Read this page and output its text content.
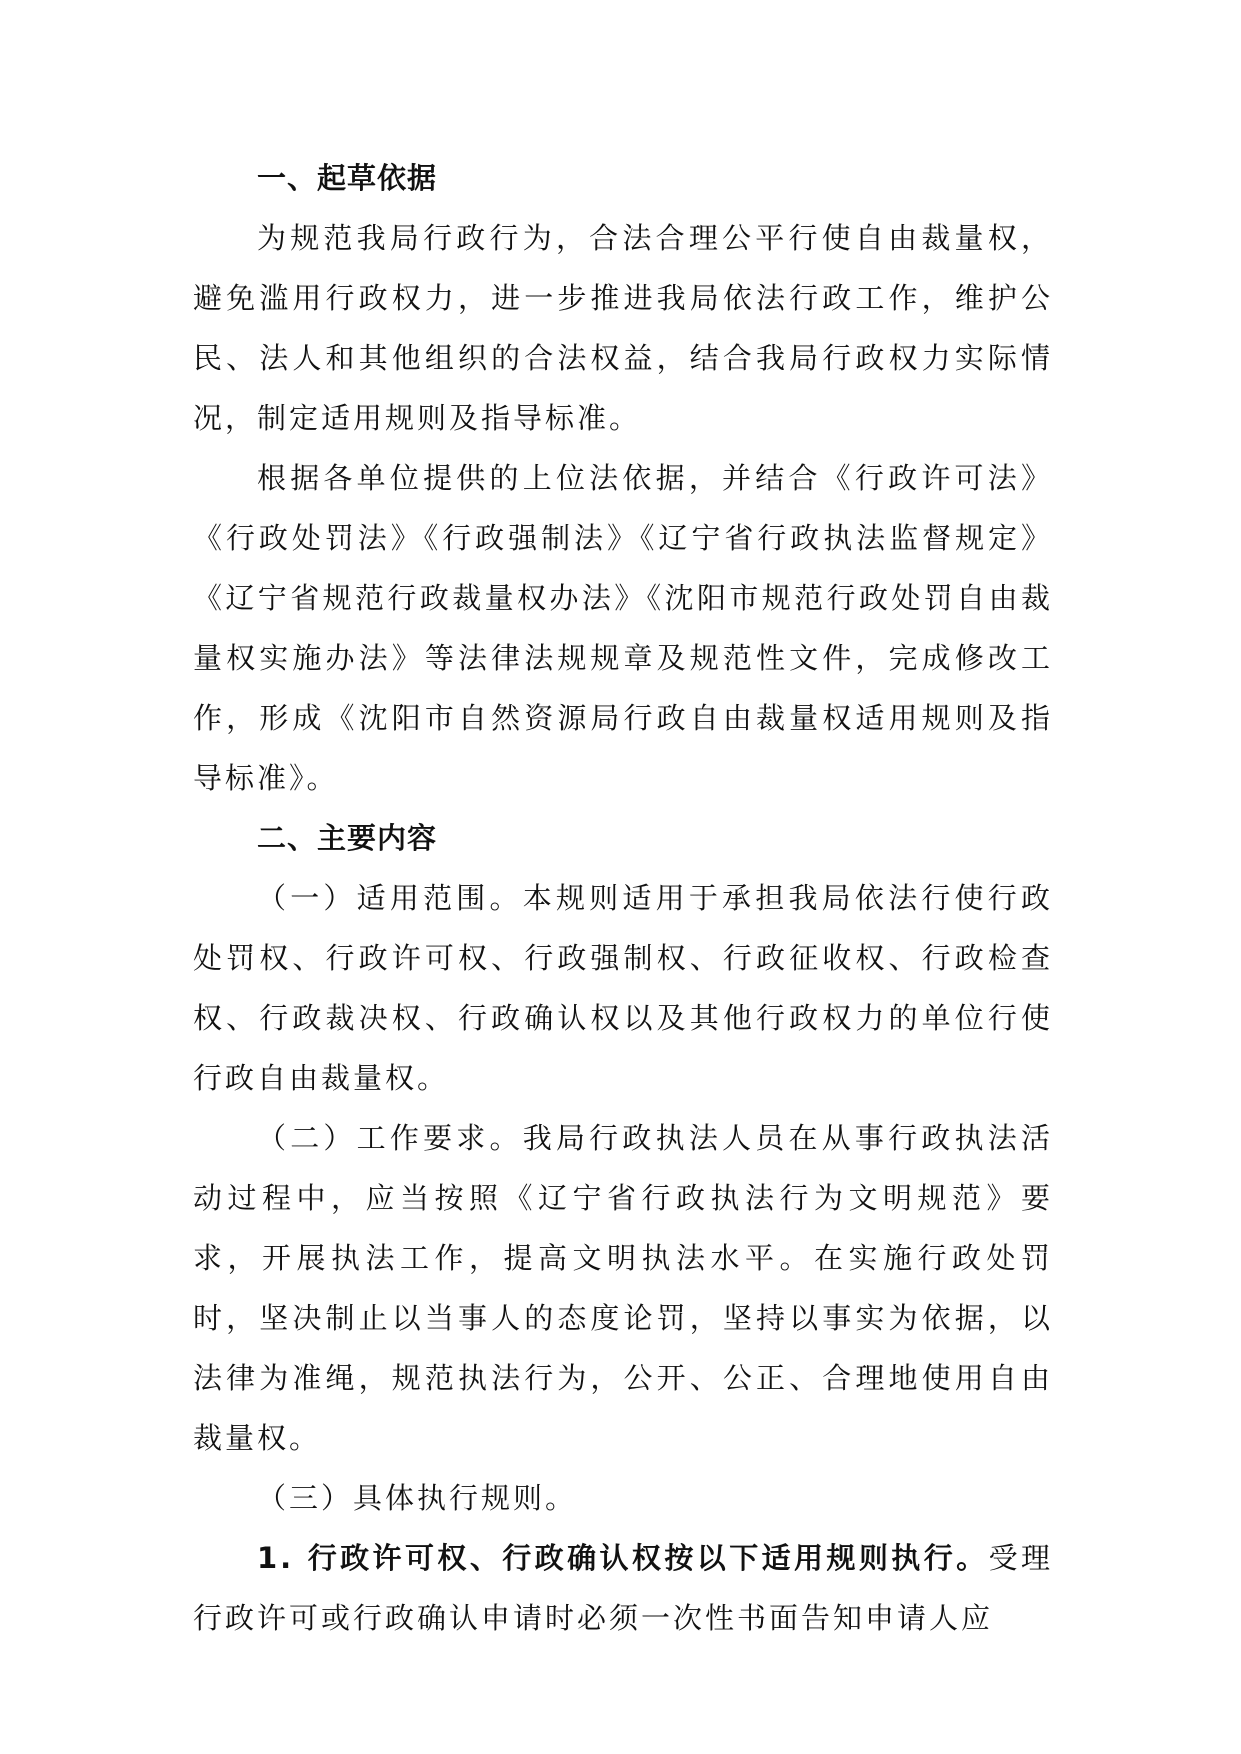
一、起草依据

为规范我局行政行为，合法合理公平行使自由裁量权，避免滥用行政权力，进一步推进我局依法行政工作，维护公民、法人和其他组织的合法权益，结合我局行政权力实际情况，制定适用规则及指导标准。

根据各单位提供的上位法依据，并结合《行政许可法》《行政处罚法》《行政强制法》《辽宁省行政执法监督规定》《辽宁省规范行政裁量权办法》《沈阳市规范行政处罚自由裁量权实施办法》等法律法规规章及规范性文件，完成修改工作，形成《沈阳市自然资源局行政自由裁量权适用规则及指导标准》。

二、主要内容

（一）适用范围。本规则适用于承担我局依法行使行政处罚权、行政许可权、行政强制权、行政征收权、行政检查权、行政裁决权、行政确认权以及其他行政权力的单位行使行政自由裁量权。

（二）工作要求。我局行政执法人员在从事行政执法活动过程中，应当按照《辽宁省行政执法行为文明规范》要求，开展执法工作，提高文明执法水平。在实施行政处罚时，坚决制止以当事人的态度论罚，坚持以事实为依据，以法律为准绳，规范执法行为，公开、公正、合理地使用自由裁量权。

（三）具体执行规则。

1. 行政许可权、行政确认权按以下适用规则执行。受理行政许可或行政确认申请时必须一次性书面告知申请人应
